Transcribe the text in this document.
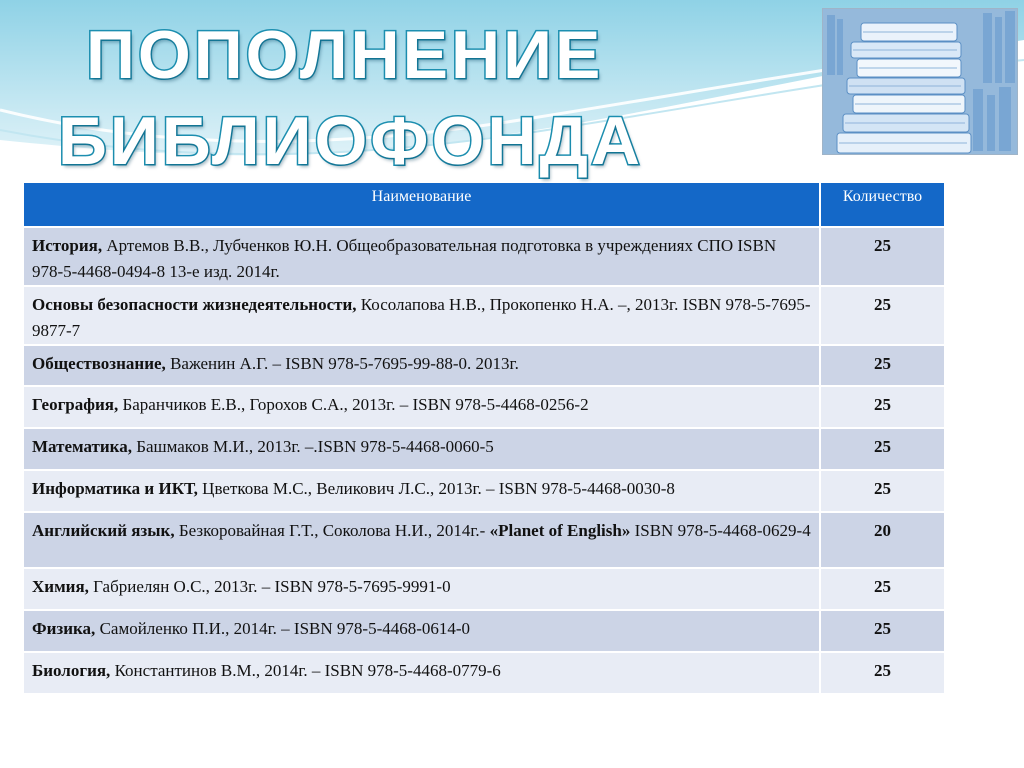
ПОПОЛНЕНИЕ
БИБЛИОФОНДА
Наименование	Количество
История, Артемов В.В., Лубченков Ю.Н. Общеобразовательная подготовка в учреждениях СПО ISBN 978-5-4468-0494-8 13-е изд. 2014г.	25
Основы безопасности жизнедеятельности, Косолапова Н.В., Прокопенко Н.А. –, 2013г. ISBN 978-5-7695-9877-7	25
Обществознание, Важенин А.Г. – ISBN 978-5-7695-99-88-0. 2013г.	25
География, Баранчиков Е.В., Горохов С.А., 2013г. – ISBN 978-5-4468-0256-2	25
Математика, Башмаков М.И., 2013г. –.ISBN 978-5-4468-0060-5	25
Информатика и ИКТ, Цветкова М.С., Великович Л.С., 2013г. – ISBN 978-5-4468-0030-8	25
Английский язык, Безкоровайная Г.Т., Соколова Н.И., 2014г.- «Planet of English» ISBN 978-5-4468-0629-4	20
Химия, Габриелян О.С., 2013г. – ISBN 978-5-7695-9991-0	25
Физика, Самойленко П.И., 2014г. – ISBN 978-5-4468-0614-0	25
Биология, Константинов В.М., 2014г. – ISBN 978-5-4468-0779-6	25
